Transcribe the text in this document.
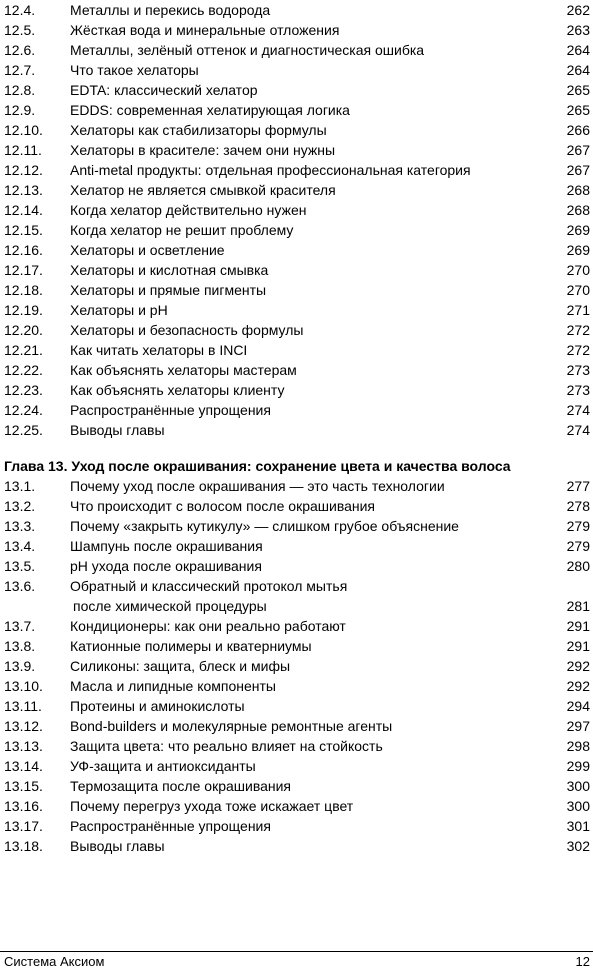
12.4. Металлы и перекись водорода	262
12.5. Жёсткая вода и минеральные отложения	263
12.6. Металлы, зелёный оттенок и диагностическая ошибка	264
12.7. Что такое хелаторы	264
12.8. EDTA: классический хелатор	265
12.9. EDDS: современная хелатирующая логика	265
12.10. Хелаторы как стабилизаторы формулы	266
12.11. Хелаторы в красителе: зачем они нужны	267
12.12. Anti-metal продукты: отдельная профессиональная категория	267
12.13. Хелатор не является смывкой красителя	268
12.14. Когда хелатор действительно нужен	268
12.15. Когда хелатор не решит проблему	269
12.16. Хелаторы и осветление	269
12.17. Хелаторы и кислотная смывка	270
12.18. Хелаторы и прямые пигменты	270
12.19. Хелаторы и pH	271
12.20. Хелаторы и безопасность формулы	272
12.21. Как читать хелаторы в INCI	272
12.22. Как объяснять хелаторы мастерам	273
12.23. Как объяснять хелаторы клиенту	273
12.24. Распространённые упрощения	274
12.25. Выводы главы	274
Глава 13. Уход после окрашивания: сохранение цвета и качества волоса
13.1. Почему уход после окрашивания — это часть технологии	277
13.2. Что происходит с волосом после окрашивания	278
13.3. Почему «закрыть кутикулу» — слишком грубое объяснение	279
13.4. Шампунь после окрашивания	279
13.5. pH ухода после окрашивания	280
13.6. Обратный и классический протокол мытья
после химической процедуры	281
13.7. Кондиционеры: как они реально работают	291
13.8. Катионные полимеры и кватерниумы	291
13.9. Силиконы: защита, блеск и мифы	292
13.10. Масла и липидные компоненты	292
13.11. Протеины и аминокислоты	294
13.12. Bond-builders и молекулярные ремонтные агенты	297
13.13. Защита цвета: что реально влияет на стойкость	298
13.14. УФ-защита и антиоксиданты	299
13.15. Термозащита после окрашивания	300
13.16. Почему перегруз ухода тоже искажает цвет	300
13.17. Распространённые упрощения	301
13.18. Выводы главы	302
Система Аксиом	12
